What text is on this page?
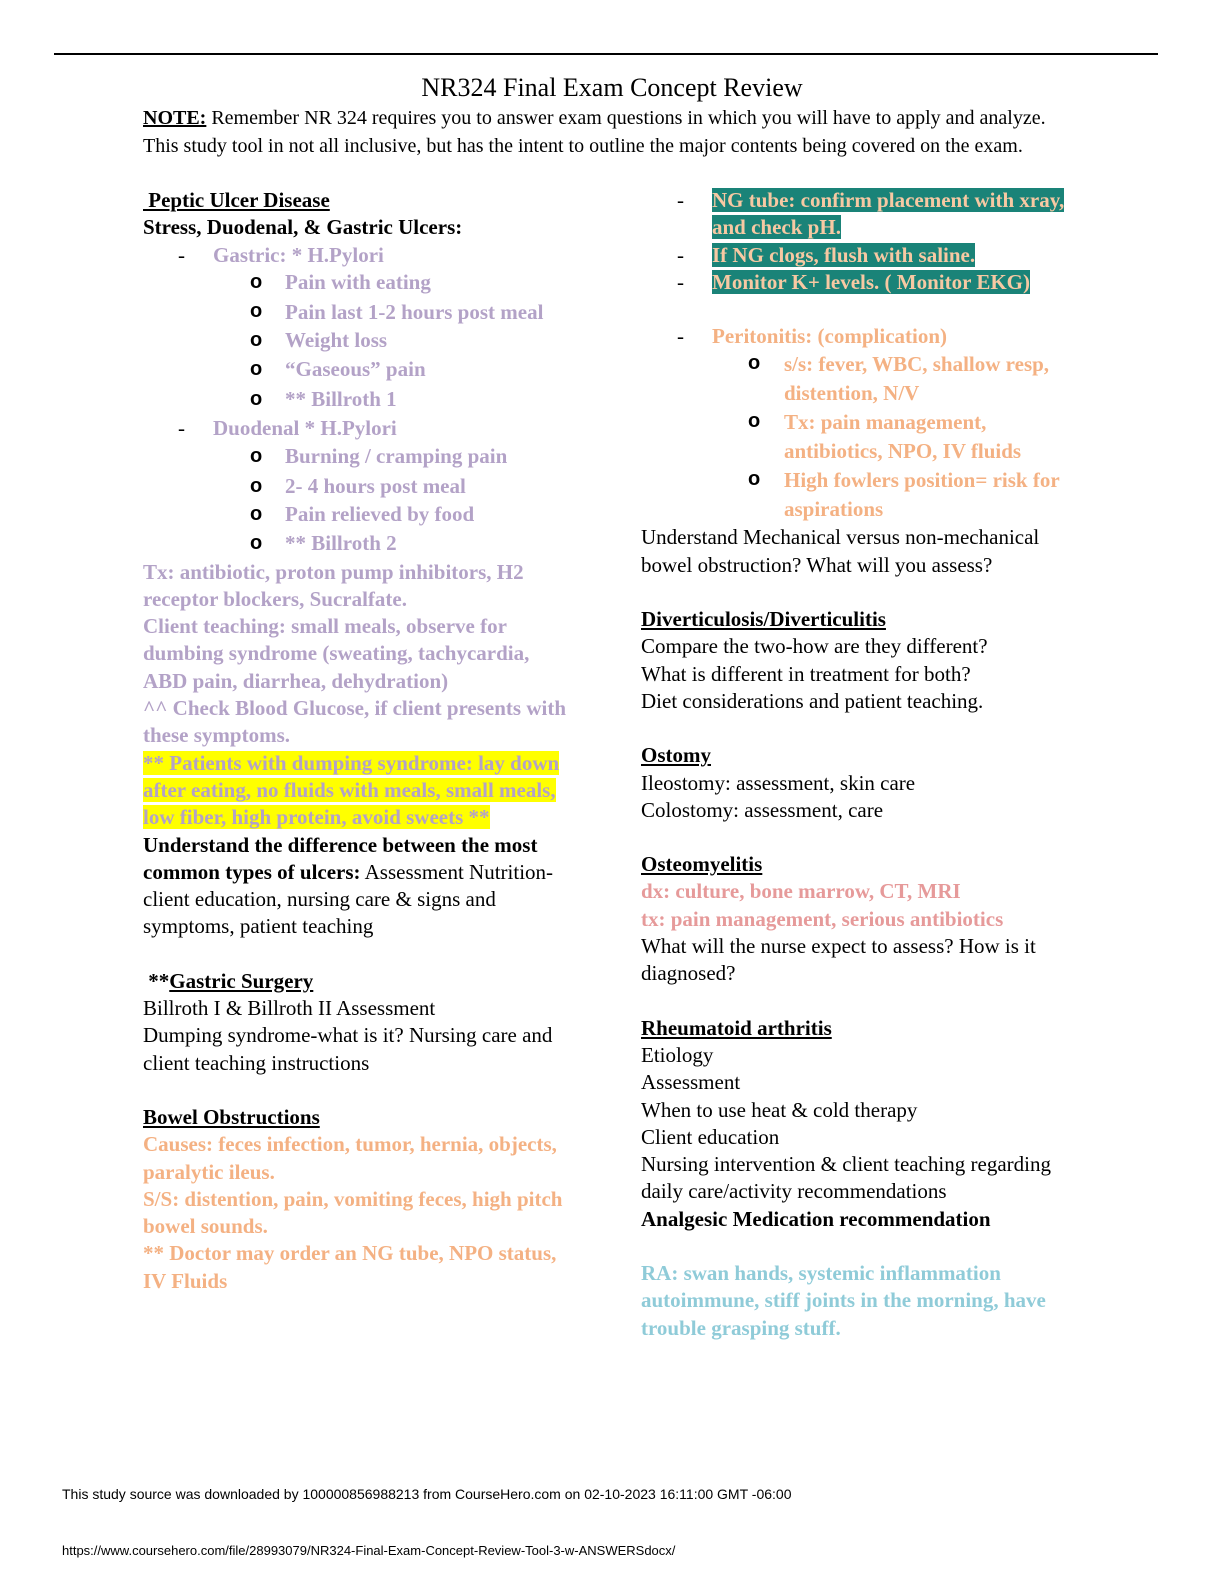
NR324 Final Exam Concept Review
NOTE: Remember NR 324 requires you to answer exam questions in which you will have to apply and analyze. This study tool in not all inclusive, but has the intent to outline the major contents being covered on the exam.
Peptic Ulcer Disease
Stress, Duodenal, & Gastric Ulcers:
- Gastric: * H.Pylori
o Pain with eating
o Pain last 1-2 hours post meal
o Weight loss
o “Gaseous” pain
o ** Billroth 1
- Duodenal * H.Pylori
o Burning / cramping pain
o 2- 4 hours post meal
o Pain relieved by food
o ** Billroth 2
Tx: antibiotic, proton pump inhibitors, H2 receptor blockers, Sucralfate.
Client teaching: small meals, observe for dumbing syndrome (sweating, tachycardia, ABD pain, diarrhea, dehydration)
^^ Check Blood Glucose, if client presents with these symptoms.
** Patients with dumping syndrome: lay down after eating, no fluids with meals, small meals, low fiber, high protein, avoid sweets **
Understand the difference between the most common types of ulcers: Assessment Nutrition-client education, nursing care & signs and symptoms, patient teaching
**Gastric Surgery
Billroth I & Billroth II Assessment
Dumping syndrome-what is it? Nursing care and client teaching instructions
Bowel Obstructions
Causes: feces infection, tumor, hernia, objects, paralytic ileus.
S/S: distention, pain, vomiting feces, high pitch bowel sounds.
** Doctor may order an NG tube, NPO status, IV Fluids
- NG tube: confirm placement with xray, and check pH.
- If NG clogs, flush with saline.
- Monitor K+ levels. ( Monitor EKG)
- Peritonitis: (complication)
o s/s: fever, WBC, shallow resp, distention, N/V
o Tx: pain management, antibiotics, NPO, IV fluids
o High fowlers position= risk for aspirations
Understand Mechanical versus non-mechanical bowel obstruction? What will you assess?
Diverticulosis/Diverticulitis
Compare the two-how are they different?
What is different in treatment for both?
Diet considerations and patient teaching.
Ostomy
Ileostomy: assessment, skin care
Colostomy: assessment, care
Osteomyelitis
dx: culture, bone marrow, CT, MRI
tx: pain management, serious antibiotics
What will the nurse expect to assess? How is it diagnosed?
Rheumatoid arthritis
Etiology
Assessment
When to use heat & cold therapy
Client education
Nursing intervention & client teaching regarding daily care/activity recommendations
Analgesic Medication recommendation
RA: swan hands, systemic inflammation autoimmune, stiff joints in the morning, have trouble grasping stuff.
This study source was downloaded by 100000856988213 from CourseHero.com on 02-10-2023 16:11:00 GMT -06:00
https://www.coursehero.com/file/28993079/NR324-Final-Exam-Concept-Review-Tool-3-w-ANSWERSdocx/
